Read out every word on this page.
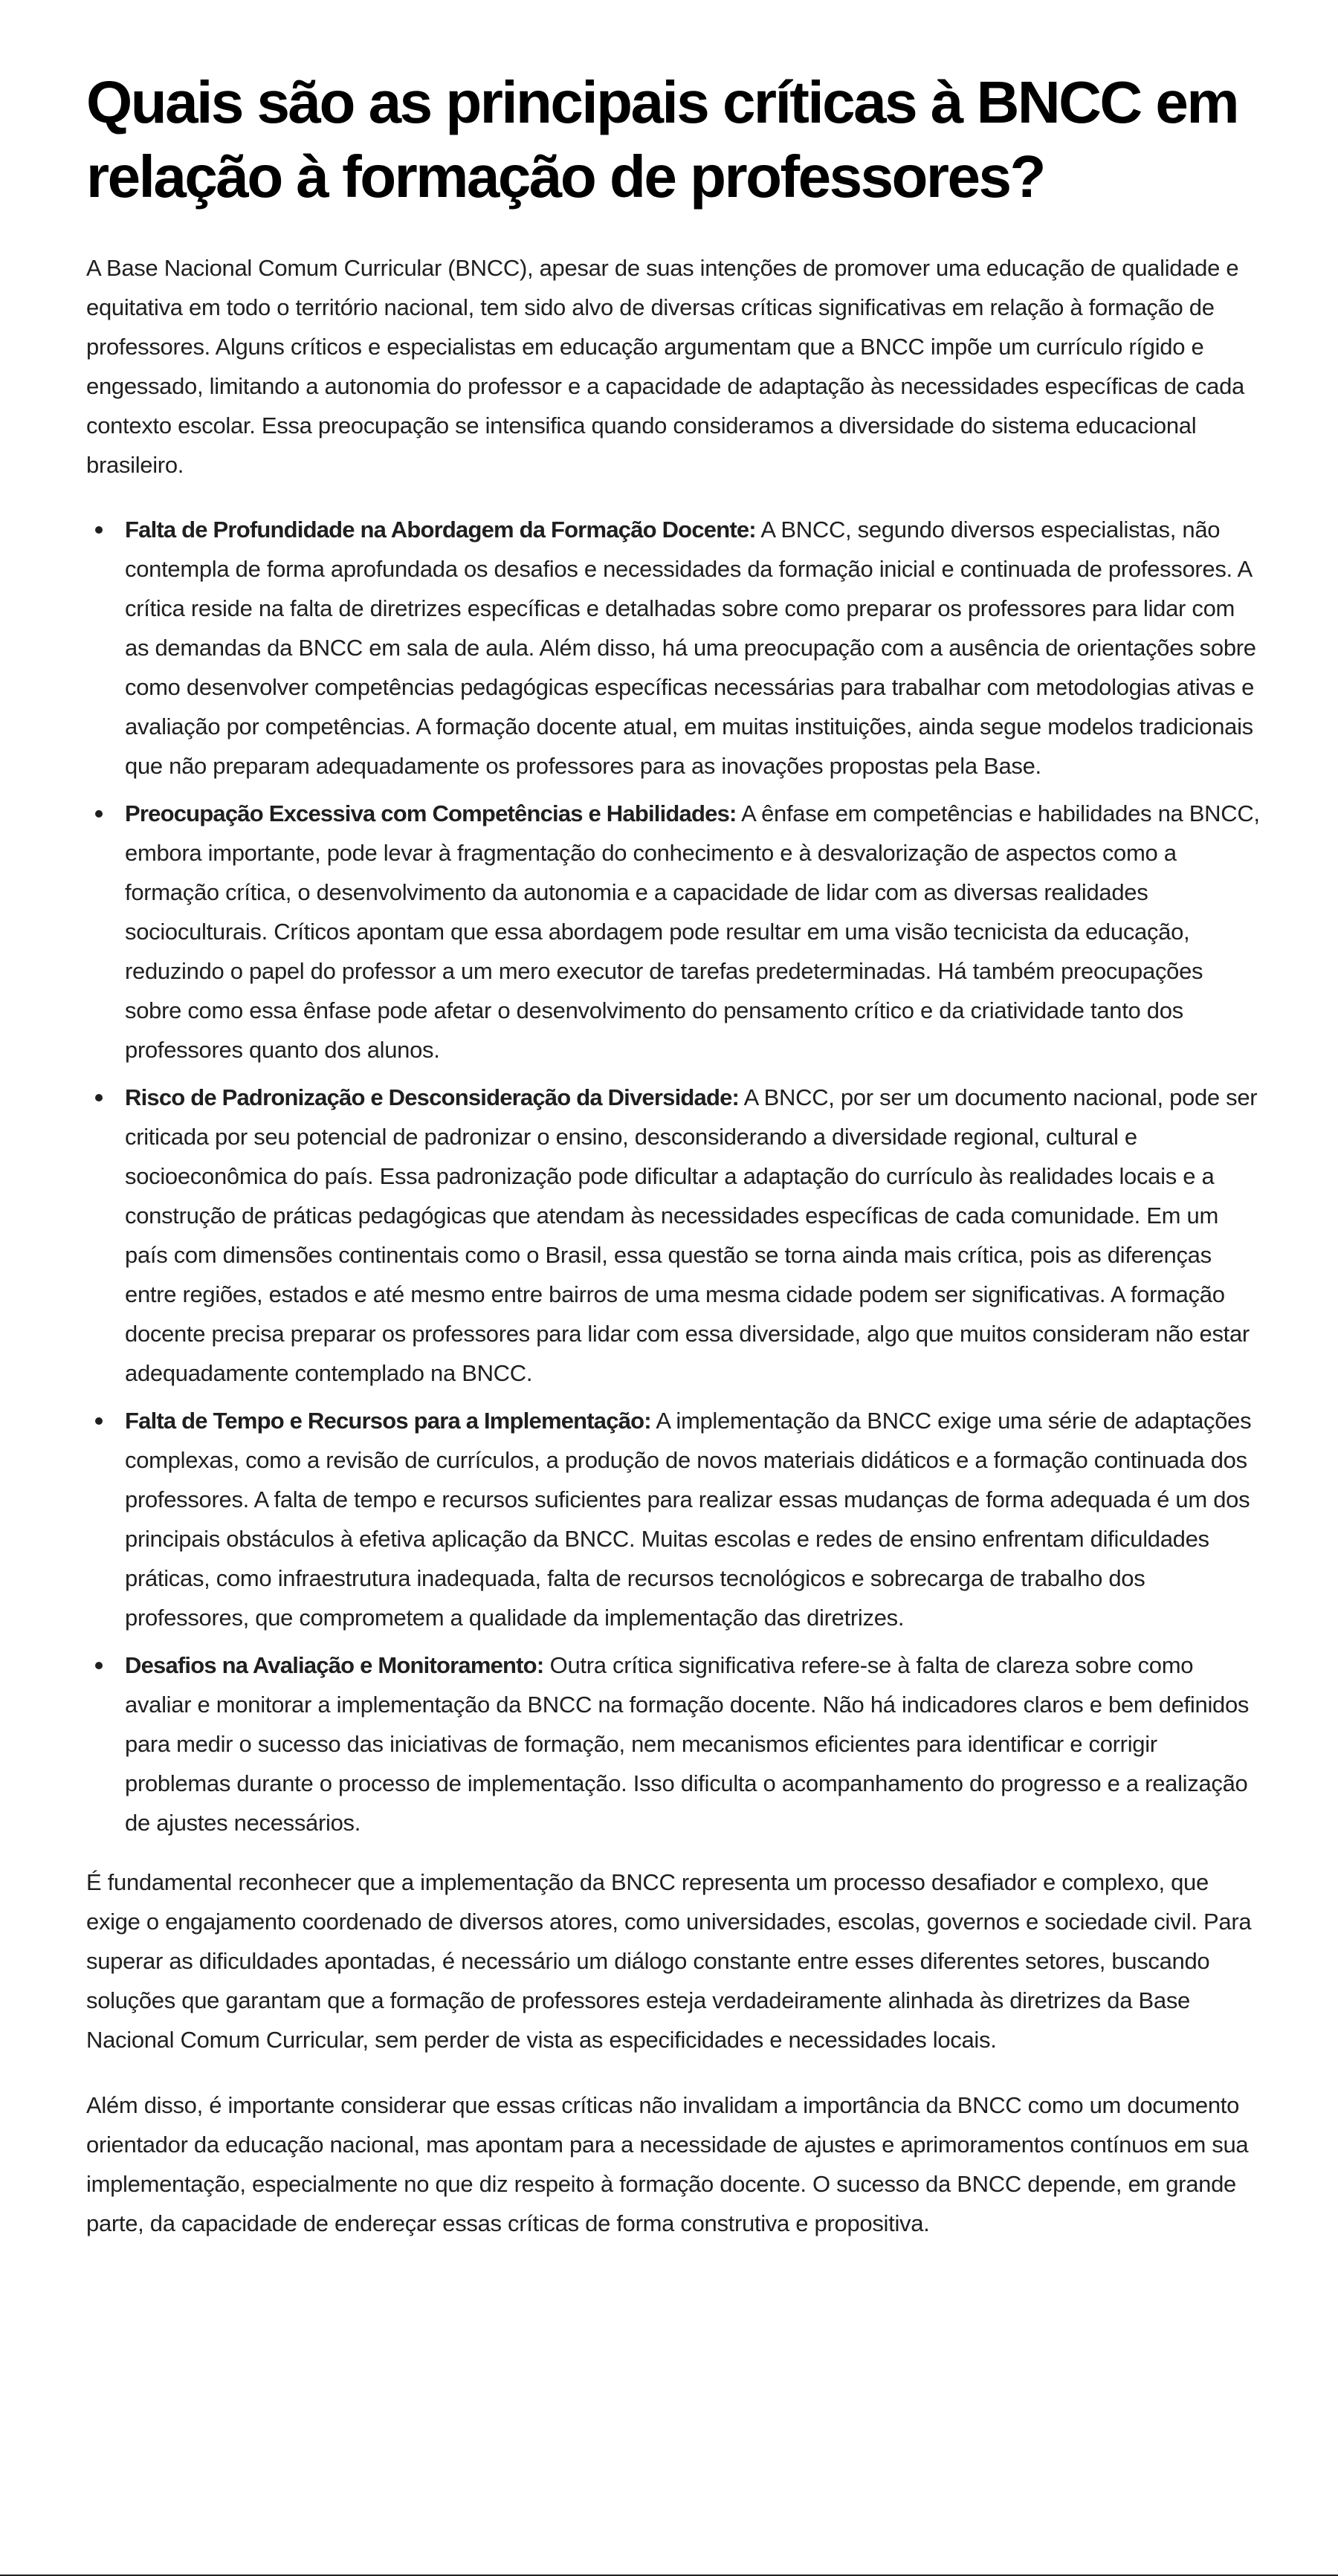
Quais são as principais críticas à BNCC em relação à formação de professores?

A Base Nacional Comum Curricular (BNCC), apesar de suas intenções de promover uma educação de qualidade e equitativa em todo o território nacional, tem sido alvo de diversas críticas significativas em relação à formação de professores. Alguns críticos e especialistas em educação argumentam que a BNCC impõe um currículo rígido e engessado, limitando a autonomia do professor e a capacidade de adaptação às necessidades específicas de cada contexto escolar. Essa preocupação se intensifica quando consideramos a diversidade do sistema educacional brasileiro.

Falta de Profundidade na Abordagem da Formação Docente: A BNCC, segundo diversos especialistas, não contempla de forma aprofundada os desafios e necessidades da formação inicial e continuada de professores. A crítica reside na falta de diretrizes específicas e detalhadas sobre como preparar os professores para lidar com as demandas da BNCC em sala de aula. Além disso, há uma preocupação com a ausência de orientações sobre como desenvolver competências pedagógicas específicas necessárias para trabalhar com metodologias ativas e avaliação por competências. A formação docente atual, em muitas instituições, ainda segue modelos tradicionais que não preparam adequadamente os professores para as inovações propostas pela Base.
Preocupação Excessiva com Competências e Habilidades: A ênfase em competências e habilidades na BNCC, embora importante, pode levar à fragmentação do conhecimento e à desvalorização de aspectos como a formação crítica, o desenvolvimento da autonomia e a capacidade de lidar com as diversas realidades socioculturais. Críticos apontam que essa abordagem pode resultar em uma visão tecnicista da educação, reduzindo o papel do professor a um mero executor de tarefas predeterminadas. Há também preocupações sobre como essa ênfase pode afetar o desenvolvimento do pensamento crítico e da criatividade tanto dos professores quanto dos alunos.
Risco de Padronização e Desconsideração da Diversidade: A BNCC, por ser um documento nacional, pode ser criticada por seu potencial de padronizar o ensino, desconsiderando a diversidade regional, cultural e socioeconômica do país. Essa padronização pode dificultar a adaptação do currículo às realidades locais e a construção de práticas pedagógicas que atendam às necessidades específicas de cada comunidade. Em um país com dimensões continentais como o Brasil, essa questão se torna ainda mais crítica, pois as diferenças entre regiões, estados e até mesmo entre bairros de uma mesma cidade podem ser significativas. A formação docente precisa preparar os professores para lidar com essa diversidade, algo que muitos consideram não estar adequadamente contemplado na BNCC.
Falta de Tempo e Recursos para a Implementação: A implementação da BNCC exige uma série de adaptações complexas, como a revisão de currículos, a produção de novos materiais didáticos e a formação continuada dos professores. A falta de tempo e recursos suficientes para realizar essas mudanças de forma adequada é um dos principais obstáculos à efetiva aplicação da BNCC. Muitas escolas e redes de ensino enfrentam dificuldades práticas, como infraestrutura inadequada, falta de recursos tecnológicos e sobrecarga de trabalho dos professores, que comprometem a qualidade da implementação das diretrizes.
Desafios na Avaliação e Monitoramento: Outra crítica significativa refere-se à falta de clareza sobre como avaliar e monitorar a implementação da BNCC na formação docente. Não há indicadores claros e bem definidos para medir o sucesso das iniciativas de formação, nem mecanismos eficientes para identificar e corrigir problemas durante o processo de implementação. Isso dificulta o acompanhamento do progresso e a realização de ajustes necessários.

É fundamental reconhecer que a implementação da BNCC representa um processo desafiador e complexo, que exige o engajamento coordenado de diversos atores, como universidades, escolas, governos e sociedade civil. Para superar as dificuldades apontadas, é necessário um diálogo constante entre esses diferentes setores, buscando soluções que garantam que a formação de professores esteja verdadeiramente alinhada às diretrizes da Base Nacional Comum Curricular, sem perder de vista as especificidades e necessidades locais.

Além disso, é importante considerar que essas críticas não invalidam a importância da BNCC como um documento orientador da educação nacional, mas apontam para a necessidade de ajustes e aprimoramentos contínuos em sua implementação, especialmente no que diz respeito à formação docente. O sucesso da BNCC depende, em grande parte, da capacidade de endereçar essas críticas de forma construtiva e propositiva.
